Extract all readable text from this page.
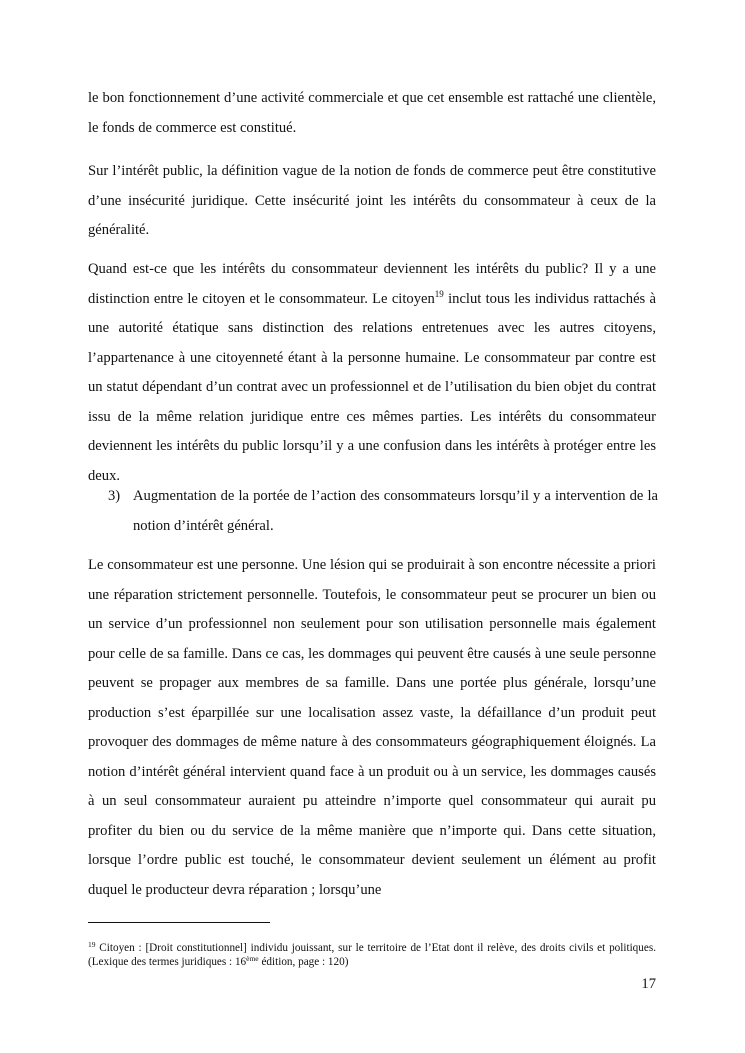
le bon fonctionnement d’une activité commerciale et que cet ensemble est rattaché une clientèle, le fonds de commerce est constitué.
Sur l’intérêt public, la définition vague de la notion de fonds de commerce peut être constitutive d’une insécurité juridique. Cette insécurité joint les intérêts du consommateur à ceux de la généralité.
Quand est-ce que les intérêts du consommateur deviennent les intérêts du public? Il y a une distinction entre le citoyen et le consommateur. Le citoyen$^{19}$ inclut tous les individus rattachés à une autorité étatique sans distinction des relations entretenues avec les autres citoyens, l’appartenance à une citoyenneté étant à la personne humaine. Le consommateur par contre est un statut dépendant d’un contrat avec un professionnel et de l’utilisation du bien objet du contrat issu de la même relation juridique entre ces mêmes parties. Les intérêts du consommateur deviennent les intérêts du public lorsqu’il y a une confusion dans les intérêts à protéger entre les deux.
3) Augmentation de la portée de l’action des consommateurs lorsqu’il y a intervention de la notion d’intérêt général.
Le consommateur est une personne. Une lésion qui se produirait à son encontre nécessite a priori une réparation strictement personnelle. Toutefois, le consommateur peut se procurer un bien ou un service d’un professionnel non seulement pour son utilisation personnelle mais également pour celle de sa famille. Dans ce cas, les dommages qui peuvent être causés à une seule personne peuvent se propager aux membres de sa famille. Dans une portée plus générale, lorsqu’une production s’est éparpillée sur une localisation assez vaste, la défaillance d’un produit peut provoquer des dommages de même nature à des consommateurs géographiquement éloignés. La notion d’intérêt général intervient quand face à un produit ou à un service, les dommages causés à un seul consommateur auraient pu atteindre n’importe quel consommateur qui aurait pu profiter du bien ou du service de la même manière que n’importe qui. Dans cette situation, lorsque l’ordre public est touché, le consommateur devient seulement un élément au profit duquel le producteur devra réparation ; lorsqu’une
$^{19}$ Citoyen : [Droit constitutionnel] individu jouissant, sur le territoire de l’Etat dont il relève, des droits civils et politiques. (Lexique des termes juridiques : 16ème édition, page : 120)
17
